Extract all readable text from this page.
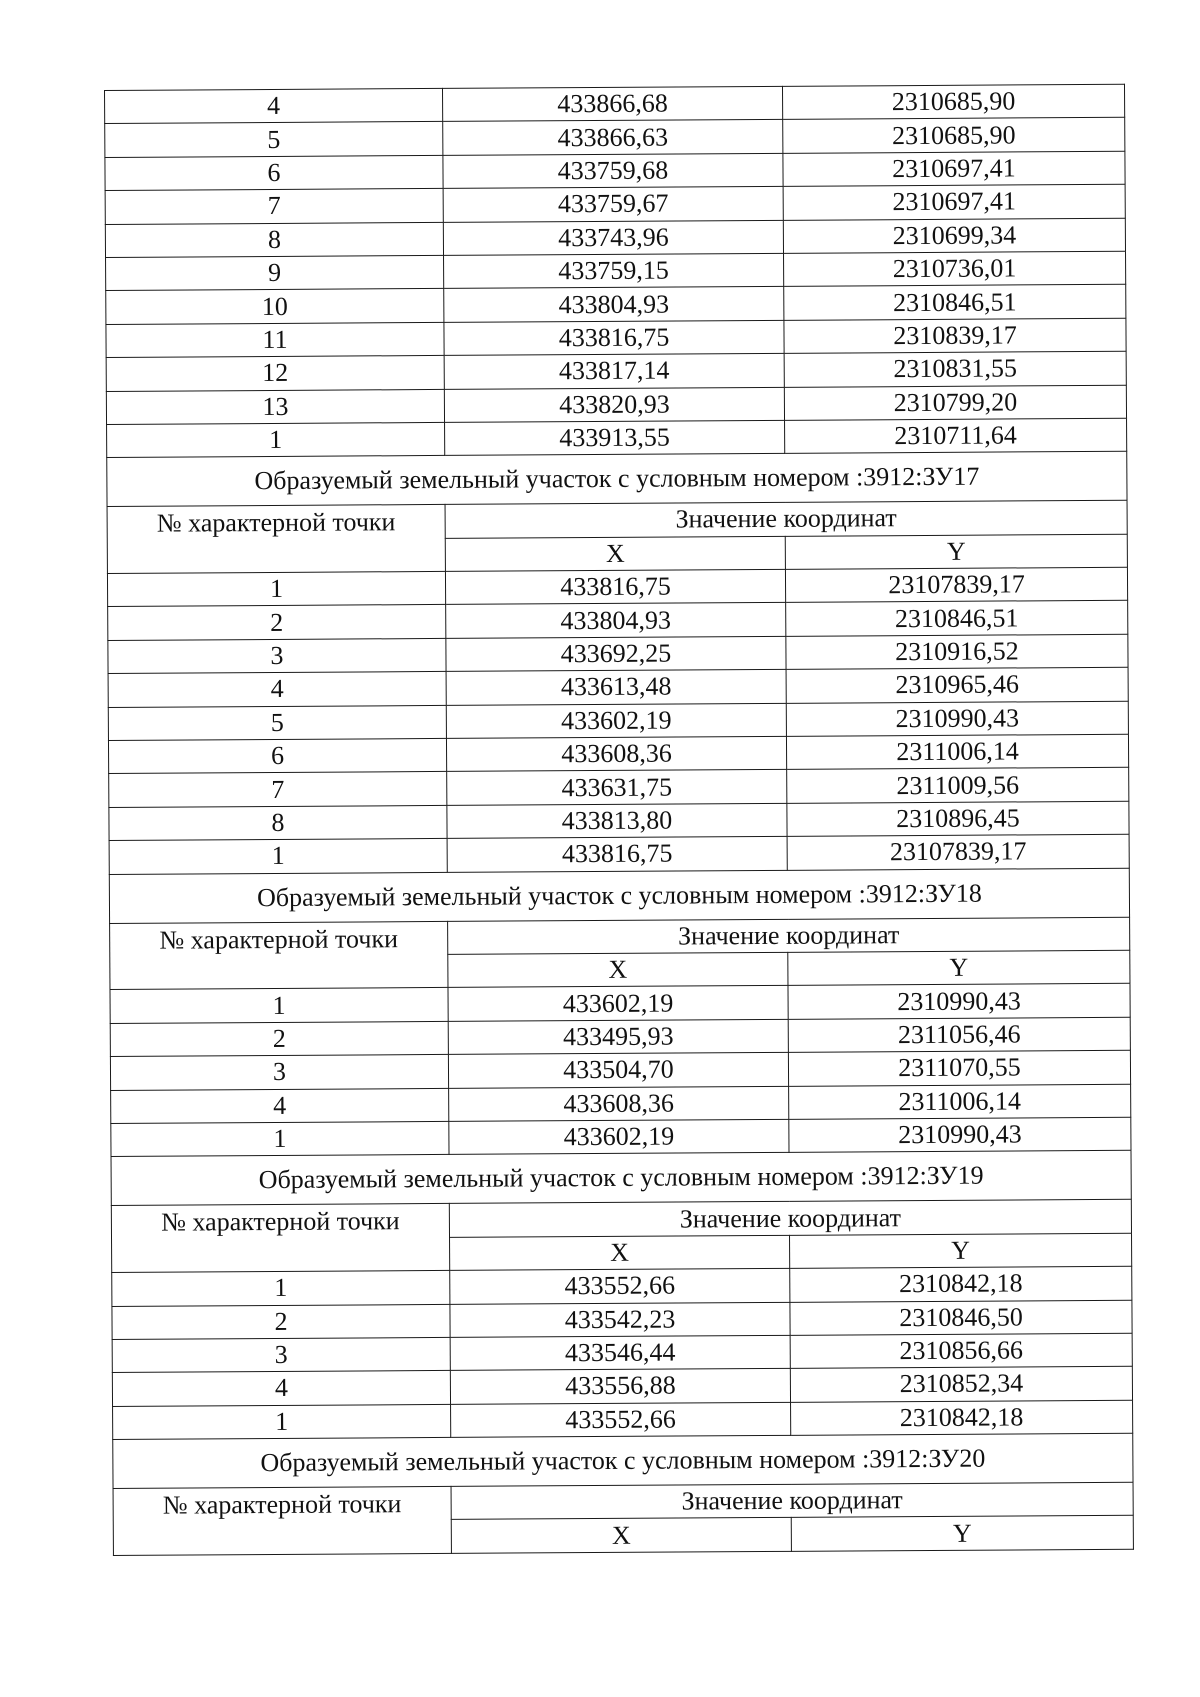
4	433866,68	2310685,90
5	433866,63	2310685,90
6	433759,68	2310697,41
7	433759,67	2310697,41
8	433743,96	2310699,34
9	433759,15	2310736,01
10	433804,93	2310846,51
11	433816,75	2310839,17
12	433817,14	2310831,55
13	433820,93	2310799,20
1	433913,55	2310711,64
Образуемый земельный участок с условным номером :3912:ЗУ17		
№ характерной точки	Значение координат	
	X	Y
1	433816,75	23107839,17
2	433804,93	2310846,51
3	433692,25	2310916,52
4	433613,48	2310965,46
5	433602,19	2310990,43
6	433608,36	2311006,14
7	433631,75	2311009,56
8	433813,80	2310896,45
1	433816,75	23107839,17
Образуемый земельный участок с условным номером :3912:ЗУ18		
№ характерной точки	Значение координат	
	X	Y
1	433602,19	2310990,43
2	433495,93	2311056,46
3	433504,70	2311070,55
4	433608,36	2311006,14
1	433602,19	2310990,43
Образуемый земельный участок с условным номером :3912:ЗУ19		
№ характерной точки	Значение координат	
	X	Y
1	433552,66	2310842,18
2	433542,23	2310846,50
3	433546,44	2310856,66
4	433556,88	2310852,34
1	433552,66	2310842,18
Образуемый земельный участок с условным номером :3912:ЗУ20		
№ характерной точки	Значение координат	
	X	Y
